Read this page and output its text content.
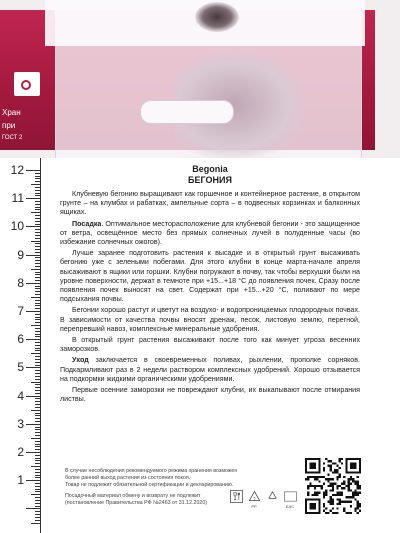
Хран
при
ГОСТ 2
12
11
10
9
8
7
6
5
4
3
2
1
Begonia
БЕГОНИЯ

Клубневую бегонию выращивают как горшечное и контейнерное растение, в открытом грунте – на клумбах и рабатках, ампельные сорта – в подвесных корзинках и балконных ящиках.

Посадка. Оптимальное месторасположение для клубневой бегонии - это защищенное от ветра, освещённое место без прямых солнечных лучей в полуденные часы (во избежание солнечных ожогов).

Лучше заранее подготовить растения к высадке и в открытый грунт высаживать бегонию уже с зелеными побегами. Для этого клубни в конце марта-начале апреля высаживают в ящики или горшки. Клубни погружают в почву, так чтобы верхушки были на уровне поверхности, держат в темноте при +15...+18 °С до появления почек. Сразу после появления почек выносят на свет. Содержат при +15...+20 °С, поливают по мере подсыхания почвы.

Бегонии хорошо растут и цветут на воздухо- и водопроницаемых плодородных почвах. В зависимости от качества почвы вносят дренаж, песок, листовую землю, перегной, перепревший навоз, комплексные минеральные удобрения.

В открытый грунт растения высаживают после того как минует угроза весенних заморозков.

Уход заключается в своевременных поливах, рыхлении, прополке сорняков. Подкармливают раз в 2 недели раствором комплексных удобрений. Хорошо отзывается на подкормки жидкими органическими удобрениями.

Первые осенние заморозки не повреждают клубни, их выкапывают после отмирания листвы.

В случае несоблюдения рекомендуемого режима хранения возможен

более ранний выход растения из состояния покоя.

Товар не подлежит обязательной сертификации и декларированию.

Посадочный материал обмену и возврату не подлежит

(постановление Правительства РФ №2463 от 31.12.2020)

5
PP	EAC
